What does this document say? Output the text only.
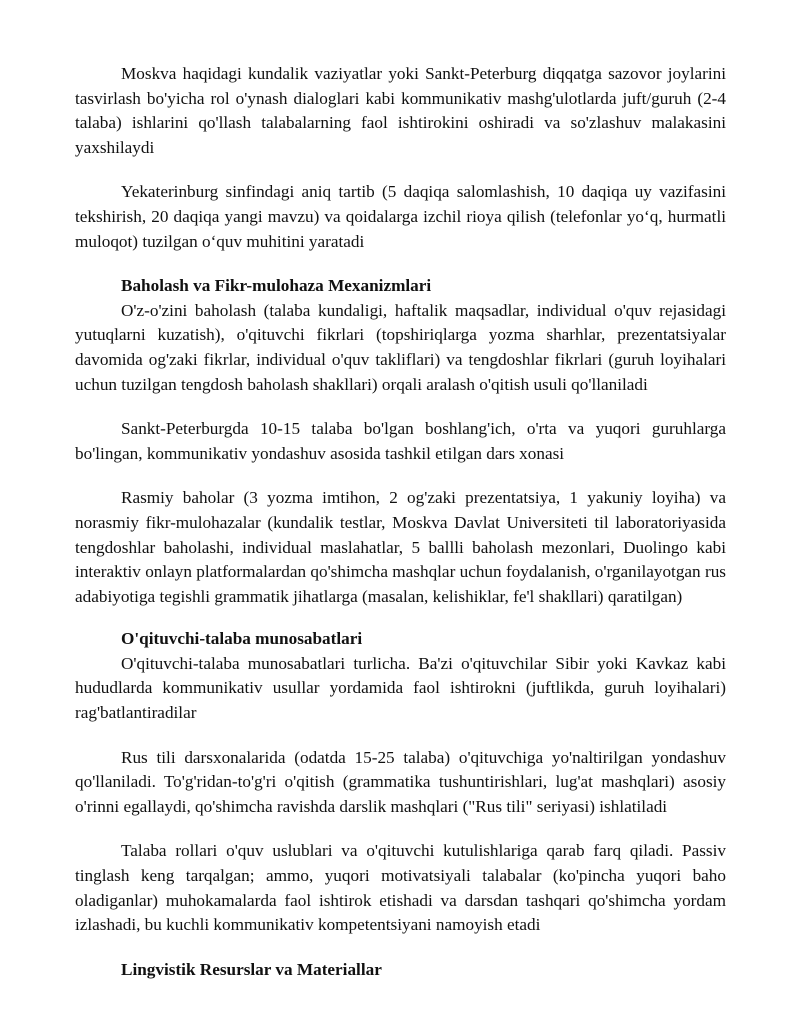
Moskva haqidagi kundalik vaziyatlar yoki Sankt-Peterburg diqqatga sazovor joylarini tasvirlash bo'yicha rol o'ynash dialoglari kabi kommunikativ mashg'ulotlarda juft/guruh (2-4 talaba) ishlarini qo'llash talabalarning faol ishtirokini oshiradi va so'zlashuv malakasini yaxshilaydi

Yekaterinburg sinfindagi aniq tartib (5 daqiqa salomlashish, 10 daqiqa uy vazifasini tekshirish, 20 daqiqa yangi mavzu) va qoidalarga izchil rioya qilish (telefonlar yo‘q, hurmatli muloqot) tuzilgan o‘quv muhitini yaratadi

Baholash va Fikr-mulohaza Mexanizmlari

O'z-o'zini baholash (talaba kundaligi, haftalik maqsadlar, individual o'quv rejasidagi yutuqlarni kuzatish), o'qituvchi fikrlari (topshiriqlarga yozma sharhlar, prezentatsiyalar davomida og'zaki fikrlar, individual o'quv takliflari) va tengdoshlar fikrlari (guruh loyihalari uchun tuzilgan tengdosh baholash shakllari) orqali aralash o'qitish usuli qo'llaniladi

Sankt-Peterburgda 10-15 talaba bo'lgan boshlang'ich, o'rta va yuqori guruhlarga bo'lingan, kommunikativ yondashuv asosida tashkil etilgan dars xonasi

Rasmiy baholar (3 yozma imtihon, 2 og'zaki prezentatsiya, 1 yakuniy loyiha) va norasmiy fikr-mulohazalar (kundalik testlar, Moskva Davlat Universiteti til laboratoriyasida tengdoshlar baholashi, individual maslahatlar, 5 ballli baholash mezonlari, Duolingo kabi interaktiv onlayn platformalardan qo'shimcha mashqlar uchun foydalanish, o'rganilayotgan rus adabiyotiga tegishli grammatik jihatlarga (masalan, kelishiklar, fe'l shakllari) qaratilgan)

O'qituvchi-talaba munosabatlari

O'qituvchi-talaba munosabatlari turlicha. Ba'zi o'qituvchilar Sibir yoki Kavkaz kabi hududlarda kommunikativ usullar yordamida faol ishtirokni (juftlikda, guruh loyihalari) rag'batlantiradilar

Rus tili darsxonalarida (odatda 15-25 talaba) o'qituvchiga yo'naltirilgan yondashuv qo'llaniladi. To'g'ridan-to'g'ri o'qitish (grammatika tushuntirishlari, lug'at mashqlari) asosiy o'rinni egallaydi, qo'shimcha ravishda darslik mashqlari ("Rus tili" seriyasi) ishlatiladi

Talaba rollari o'quv uslublari va o'qituvchi kutulishlariga qarab farq qiladi. Passiv tinglash keng tarqalgan; ammo, yuqori motivatsiyali talabalar (ko'pincha yuqori baho oladiganlar) muhokamalarda faol ishtirok etishadi va darsdan tashqari qo'shimcha yordam izlashadi, bu kuchli kommunikativ kompetentsiyani namoyish etadi

Lingvistik Resurslar va Materiallar
